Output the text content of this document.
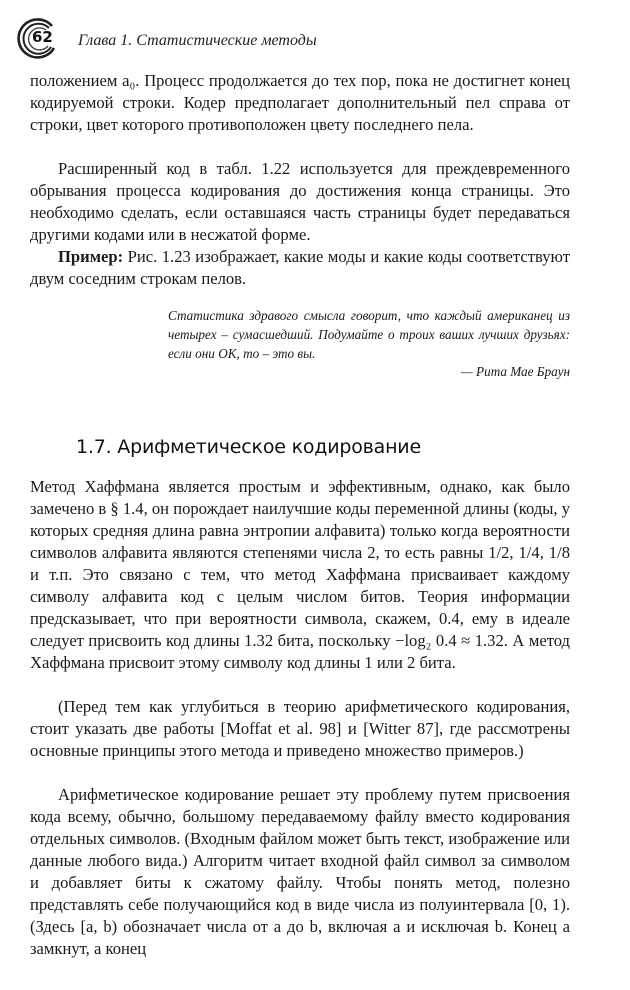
62 Глава 1. Статистические методы

положением a₀. Процесс продолжается до тех пор, пока не достигнет конец кодируемой строки. Кодер предполагает дополнительный пел справа от строки, цвет которого противоположен цвету последнего пела.

Расширенный код в табл. 1.22 используется для преждевременного обрывания процесса кодирования до достижения конца страницы. Это необходимо сделать, если оставшаяся часть страницы будет передаваться другими кодами или в несжатой форме.

Пример: Рис. 1.23 изображает, какие моды и какие коды соответствуют двум соседним строкам пелов.

Статистика здравого смысла говорит, что каждый американец из четырех – сумасшедший. Подумайте о троих ваших лучших друзьях: если они ОК, то – это вы.
— Рита Мае Браун
1.7. Арифметическое кодирование

Метод Хаффмана является простым и эффективным, однако, как было замечено в § 1.4, он порождает наилучшие коды переменной длины (коды, у которых средняя длина равна энтропии алфавита) только когда вероятности символов алфавита являются степенями числа 2, то есть равны 1/2, 1/4, 1/8 и т.п. Это связано с тем, что метод Хаффмана присваивает каждому символу алфавита код с целым числом битов. Теория информации предсказывает, что при вероятности символа, скажем, 0.4, ему в идеале следует присвоить код длины 1.32 бита, поскольку −log₂ 0.4 ≈ 1.32. А метод Хаффмана присвоит этому символу код длины 1 или 2 бита.

(Перед тем как углубиться в теорию арифметического кодирования, стоит указать две работы [Moffat et al. 98] и [Witter 87], где рассмотрены основные принципы этого метода и приведено множество примеров.)

Арифметическое кодирование решает эту проблему путем присвоения кода всему, обычно, большому передаваемому файлу вместо кодирования отдельных символов. (Входным файлом может быть текст, изображение или данные любого вида.) Алгоритм читает входной файл символ за символом и добавляет биты к сжатому файлу. Чтобы понять метод, полезно представлять себе получающийся код в виде числа из полуинтервала [0, 1). (Здесь [a, b) обозначает числа от a до b, включая a и исключая b. Конец a замкнут, а конец
